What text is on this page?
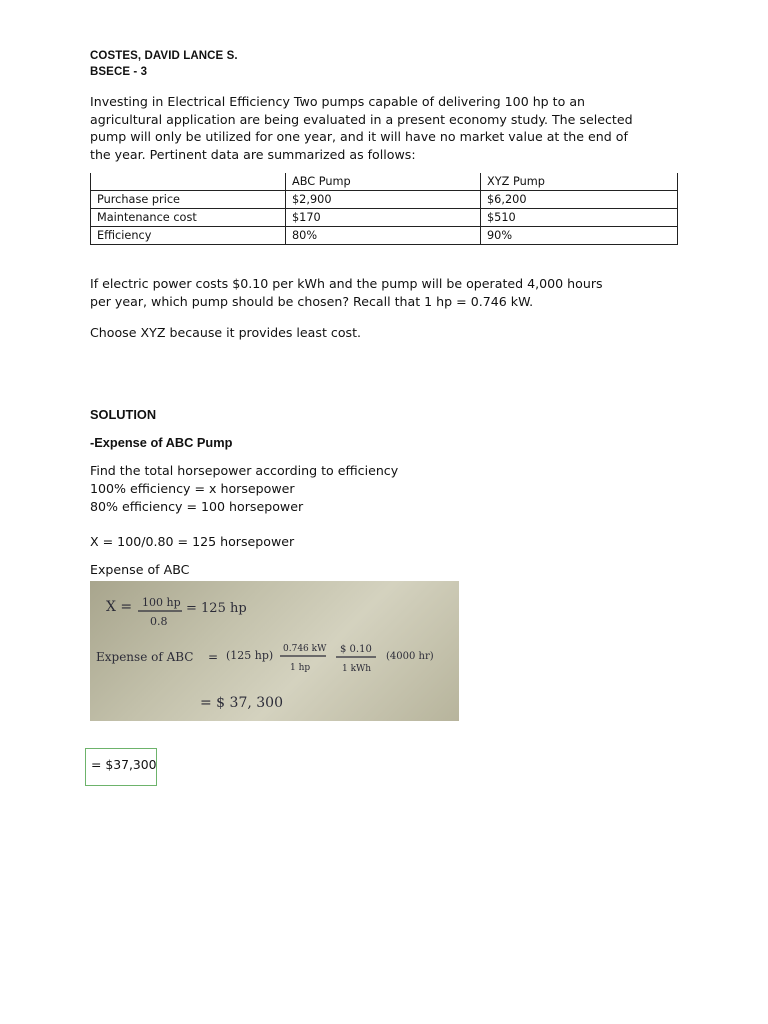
COSTES, DAVID LANCE S.
BSECE - 3
Investing in Electrical Efficiency Two pumps capable of delivering 100 hp to an
agricultural application are being evaluated in a present economy study. The selected
pump will only be utilized for one year, and it will have no market value at the end of
the year. Pertinent data are summarized as follows:
	ABC Pump	XYZ Pump
Purchase price	$2,900	$6,200
Maintenance cost	$170	$510
Efficiency	80%	90%
If electric power costs $0.10 per kWh and the pump will be operated 4,000 hours
per year, which pump should be chosen? Recall that 1 hp = 0.746 kW.
Choose XYZ because it provides least cost.
SOLUTION
-Expense of ABC Pump
Find the total horsepower according to efficiency
100% efficiency = x horsepower
80% efficiency = 100 horsepower
X = 100/0.80 = 125 horsepower
Expense of ABC
X = 100 hp
0.8
= 125 hp
Expense of ABC = (125 hp) 0.746 kW
1 hp
$ 0.10
1 kWh
(4000 hr)
= $ 37, 300
= $37,300
